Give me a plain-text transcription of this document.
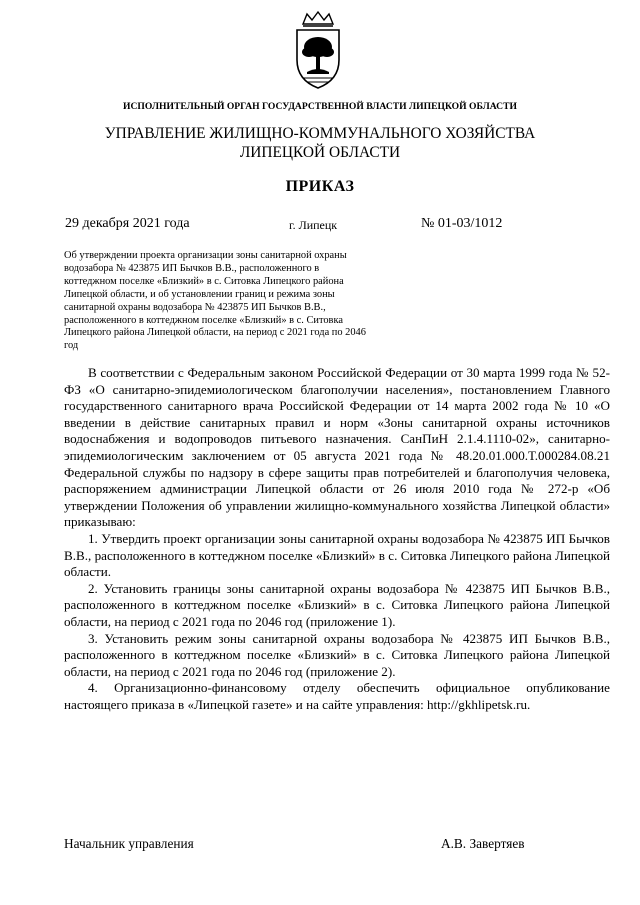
ИСПОЛНИТЕЛЬНЫЙ ОРГАН ГОСУДАРСТВЕННОЙ ВЛАСТИ ЛИПЕЦКОЙ ОБЛАСТИ
УПРАВЛЕНИЕ ЖИЛИЩНО-КОММУНАЛЬНОГО ХОЗЯЙСТВА
ЛИПЕЦКОЙ ОБЛАСТИ
ПРИКАЗ
29 декабря 2021 года	г. Липецк	№ 01-03/1012
Об утверждении проекта организации зоны санитарной охраны
водозабора № 423875 ИП Бычков В.В., расположенного в
коттеджном поселке «Близкий» в с. Ситовка Липецкого района
Липецкой области, и об установлении границ и режима зоны
санитарной охраны водозабора № 423875 ИП Бычков В.В.,
расположенного в коттеджном поселке «Близкий» в с. Ситовка
Липецкого района Липецкой области, на период с 2021 года по 2046
год

В соответствии с Федеральным законом Российской Федерации от 30 марта 1999 года № 52-ФЗ «О санитарно-эпидемиологическом благополучии населения», постановлением Главного государственного санитарного врача Российской Федерации от 14 марта 2002 года № 10 «О введении в действие санитарных правил и норм «Зоны санитарной охраны источников водоснабжения и водопроводов питьевого назначения. СанПиН 2.1.4.1110-02», санитарно-эпидемиологическим заключением от 05 августа 2021 года № 48.20.01.000.Т.000284.08.21 Федеральной службы по надзору в сфере защиты прав потребителей и благополучия человека, распоряжением администрации Липецкой области от 26 июля 2010 года № 272-р «Об утверждении Положения об управлении жилищно-коммунального хозяйства Липецкой области» приказываю:

1. Утвердить проект организации зоны санитарной охраны водозабора № 423875 ИП Бычков В.В., расположенного в коттеджном поселке «Близкий» в с. Ситовка Липецкого района Липецкой области.

2. Установить границы зоны санитарной охраны водозабора № 423875 ИП Бычков В.В., расположенного в коттеджном поселке «Близкий» в с. Ситовка Липецкого района Липецкой области, на период с 2021 года по 2046 год (приложение 1).

3. Установить режим зоны санитарной охраны водозабора № 423875 ИП Бычков В.В., расположенного в коттеджном поселке «Близкий» в с. Ситовка Липецкого района Липецкой области, на период с 2021 года по 2046 год (приложение 2).

4. Организационно-финансовому отделу обеспечить официальное опубликование настоящего приказа в «Липецкой газете» и на сайте управления: http://gkhlipetsk.ru.

Начальник управления	А.В. Завертяев
